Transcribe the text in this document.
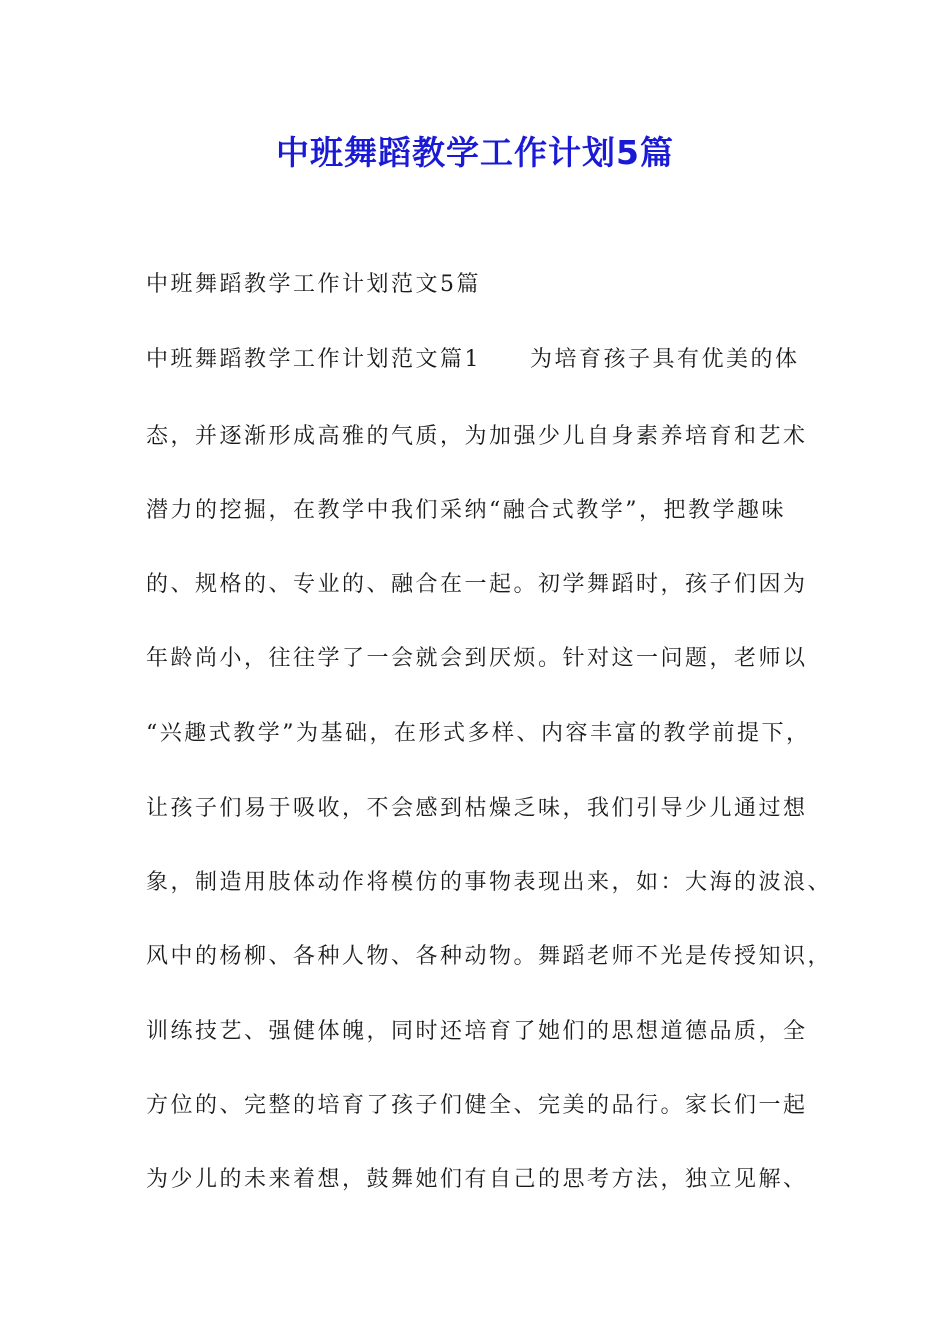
中班舞蹈教学工作计划5篇
中班舞蹈教学工作计划范文5篇
中班舞蹈教学工作计划范文篇1　　为培育孩子具有优美的体
态，并逐渐形成高雅的气质，为加强少儿自身素养培育和艺术
潜力的挖掘，在教学中我们采纳“融合式教学”，把教学趣味
的、规格的、专业的、融合在一起。初学舞蹈时，孩子们因为
年龄尚小，往往学了一会就会到厌烦。针对这一问题，老师以
“兴趣式教学”为基础，在形式多样、内容丰富的教学前提下，
让孩子们易于吸收，不会感到枯燥乏味，我们引导少儿通过想
象，制造用肢体动作将模仿的事物表现出来，如：大海的波浪、
风中的杨柳、各种人物、各种动物。舞蹈老师不光是传授知识，
训练技艺、强健体魄，同时还培育了她们的思想道德品质，全
方位的、完整的培育了孩子们健全、完美的品行。家长们一起
为少儿的未来着想，鼓舞她们有自己的思考方法，独立见解、
